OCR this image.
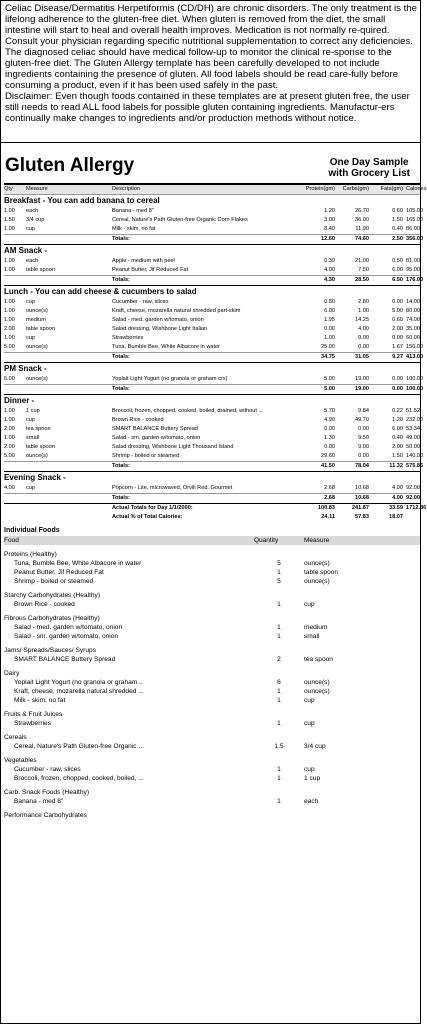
Celiac Disease/Dermatitis Herpetiformis (CD/DH) are chronic disorders. The only treatment is the lifelong adherence to the gluten-free diet. When gluten is removed from the diet, the small intestine will start to heal and overall health improves. Medication is not normally re-quired. Consult your physician regarding specific nutritional supplementation to correct any deficiencies. The diagnosed celiac should have medical follow-up to monitor the clinical re-sponse to the gluten-free diet. The Gluten Allergy template has been carefully developed to not include ingredients containing the presence of gluten. All food labels should be read care-fully before consuming a product, even if it has been used safely in the past.

Disclaimer: Even though foods contained in these templates are at present gluten free, the user still needs to read ALL food labels for possible gluten containing ingredients. Manufactur-ers continually make changes to ingredients and/or production methods without notice.

Gluten Allergy	One Day Sample
with Grocery List
Qty	Measure	Description	Protein(gm)	Carbs(gm)	Fats(gm) Calories
Breakfast - You can add banana to cereal
1.00	each	Banana - med 8"	1.20	26.70	0.60 105.00
1.50	3/4 cup	Cereal, Nature's Path Gluten-free Organic Corn Flakes	3.00	36.00	1.50 165.00
1.00	cup	Milk - skim, no fat	8.40	11.90	0.40 86.00
Totals:	12.60	74.60	2.50 356.00
AM Snack -
1.00	each	Apple - medium with peel	0.30	21.00	0.50 81.00
1.00	table spoon	Peanut Butter, Jif Reduced Fat	4.00	7.50	6.00 95.00
Totals:	4.30	28.50	6.50 176.00
Lunch - You can add cheese & cucumbers to salad
1.00	cup	Cucumber - raw, slices	0.80	2.80	0.00 14.00
1.00	ounce(s)	Kraft, cheese, mozarella natural shredded part-skim	6.00	1.00	5.00 80.00
1.00	medium	Salad - med. garden w/tomato, onion	1.95	14.25	0.60 74.00
2.00	table spoon	Salad dressing, Wishbone Light Italian	0.00	4.00	2.00 35.00
1.00	cup	Strawberries	1.00	9.00	0.00 60.00
5.00	ounce(s)	Tuna, Bumble Bee, White Albacore in water	25.00	0.00	1.67 150.00
Totals:	34.75	31.05	9.27 413.00
PM Snack -
6.00	ounce(s)	Yoplait Light Yogurt (no granola or graham crx)	5.00	19.00	0.00 100.00
Totals:	5.00	19.00	0.00 100.00
Dinner -
1.00	1 cup	Broccoli, frozen, chopped, cooked, boiled, drained, without ...	5.70	9.84	0.22 51.52
1.00	cup	Brown Rice - cooked	4.90	49.70	1.20 232.00
2.00	tea spoon	SMART BALANCE Buttery Spread	0.00	0.00	6.00 53.34
1.00	small	Salad - sm. garden w/tomato, onion	1.30	9.50	0.40 49.00
2.00	table spoon	Salad dressing, Wishbone Light Thousand Island	0.00	9.00	2.00 50.00
5.00	ounce(s)	Shrimp - boiled or steamed	29.60	0.00	1.50 140.00
Totals:	41.50	78.04	11.32 575.86
Evening Snack -
4.00	cup	Popcorn - Lite, microwaved, Orvill Red. Gourmet	2.68	10.68	4.00 92.00
Totals:	2.68	10.68	4.00 92.00
Actual Totals for Day 1/1/2000:	100.83	241.87	33.59 1712.86
Actual % of Total Calories:	24.11	57.83	18.07
Individual Foods
Food	Quantity	Measure
Proteins (Healthy)
Tuna, Bumble Bee, White Albacore in water	5	ounce(s)
Peanut Butter, Jif Reduced Fat	1	table spoon
Shrimp - boiled or steamed	5	ounce(s)
Starchy Carbohydrates (Healthy)
Brown Rice - cooked	1	cup
Fibrous Carbohydrates (Healthy)
Salad - med. garden w/tomato, onion	1	medium
Salad - sm. garden w/tomato, onion	1	small
Jams/ Spreads/Sauces/ Syrups
SMART BALANCE Buttery Spread	2	tea spoon
Dairy
Yoplait Light Yogurt (no granola or graham...	6	ounce(s)
Kraft, cheese, mozarella natural shredded ...	1	ounce(s)
Milk - skim, no fat	1	cup
Fruits & Fruit Juices
Strawberries	1	cup
Cereals
Cereal, Nature's Path Gluten-free Organic ...	1.5	3/4 cup
Vegetables
Cucumber - raw, slices	1	cup
Broccoli, frozen, chopped, cooked, boiled, ...	1	1 cup
Carb. Snack Foods (Healthy)
Banana - med 8"	1	each
Performance Carbohydrates
